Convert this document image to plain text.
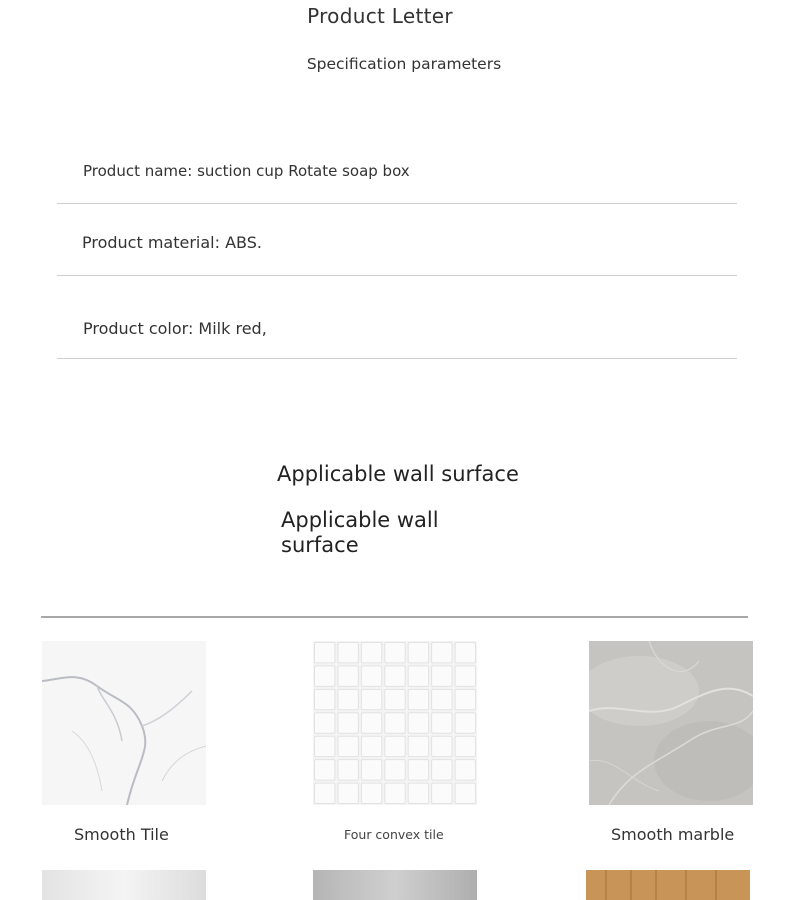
Product Letter
Specification parameters
Product name: suction cup Rotate soap box
Product material: ABS.
Product color: Milk red,
Applicable wall surface
Applicable wall surface
Smooth Tile	Four convex tile	Smooth marble
